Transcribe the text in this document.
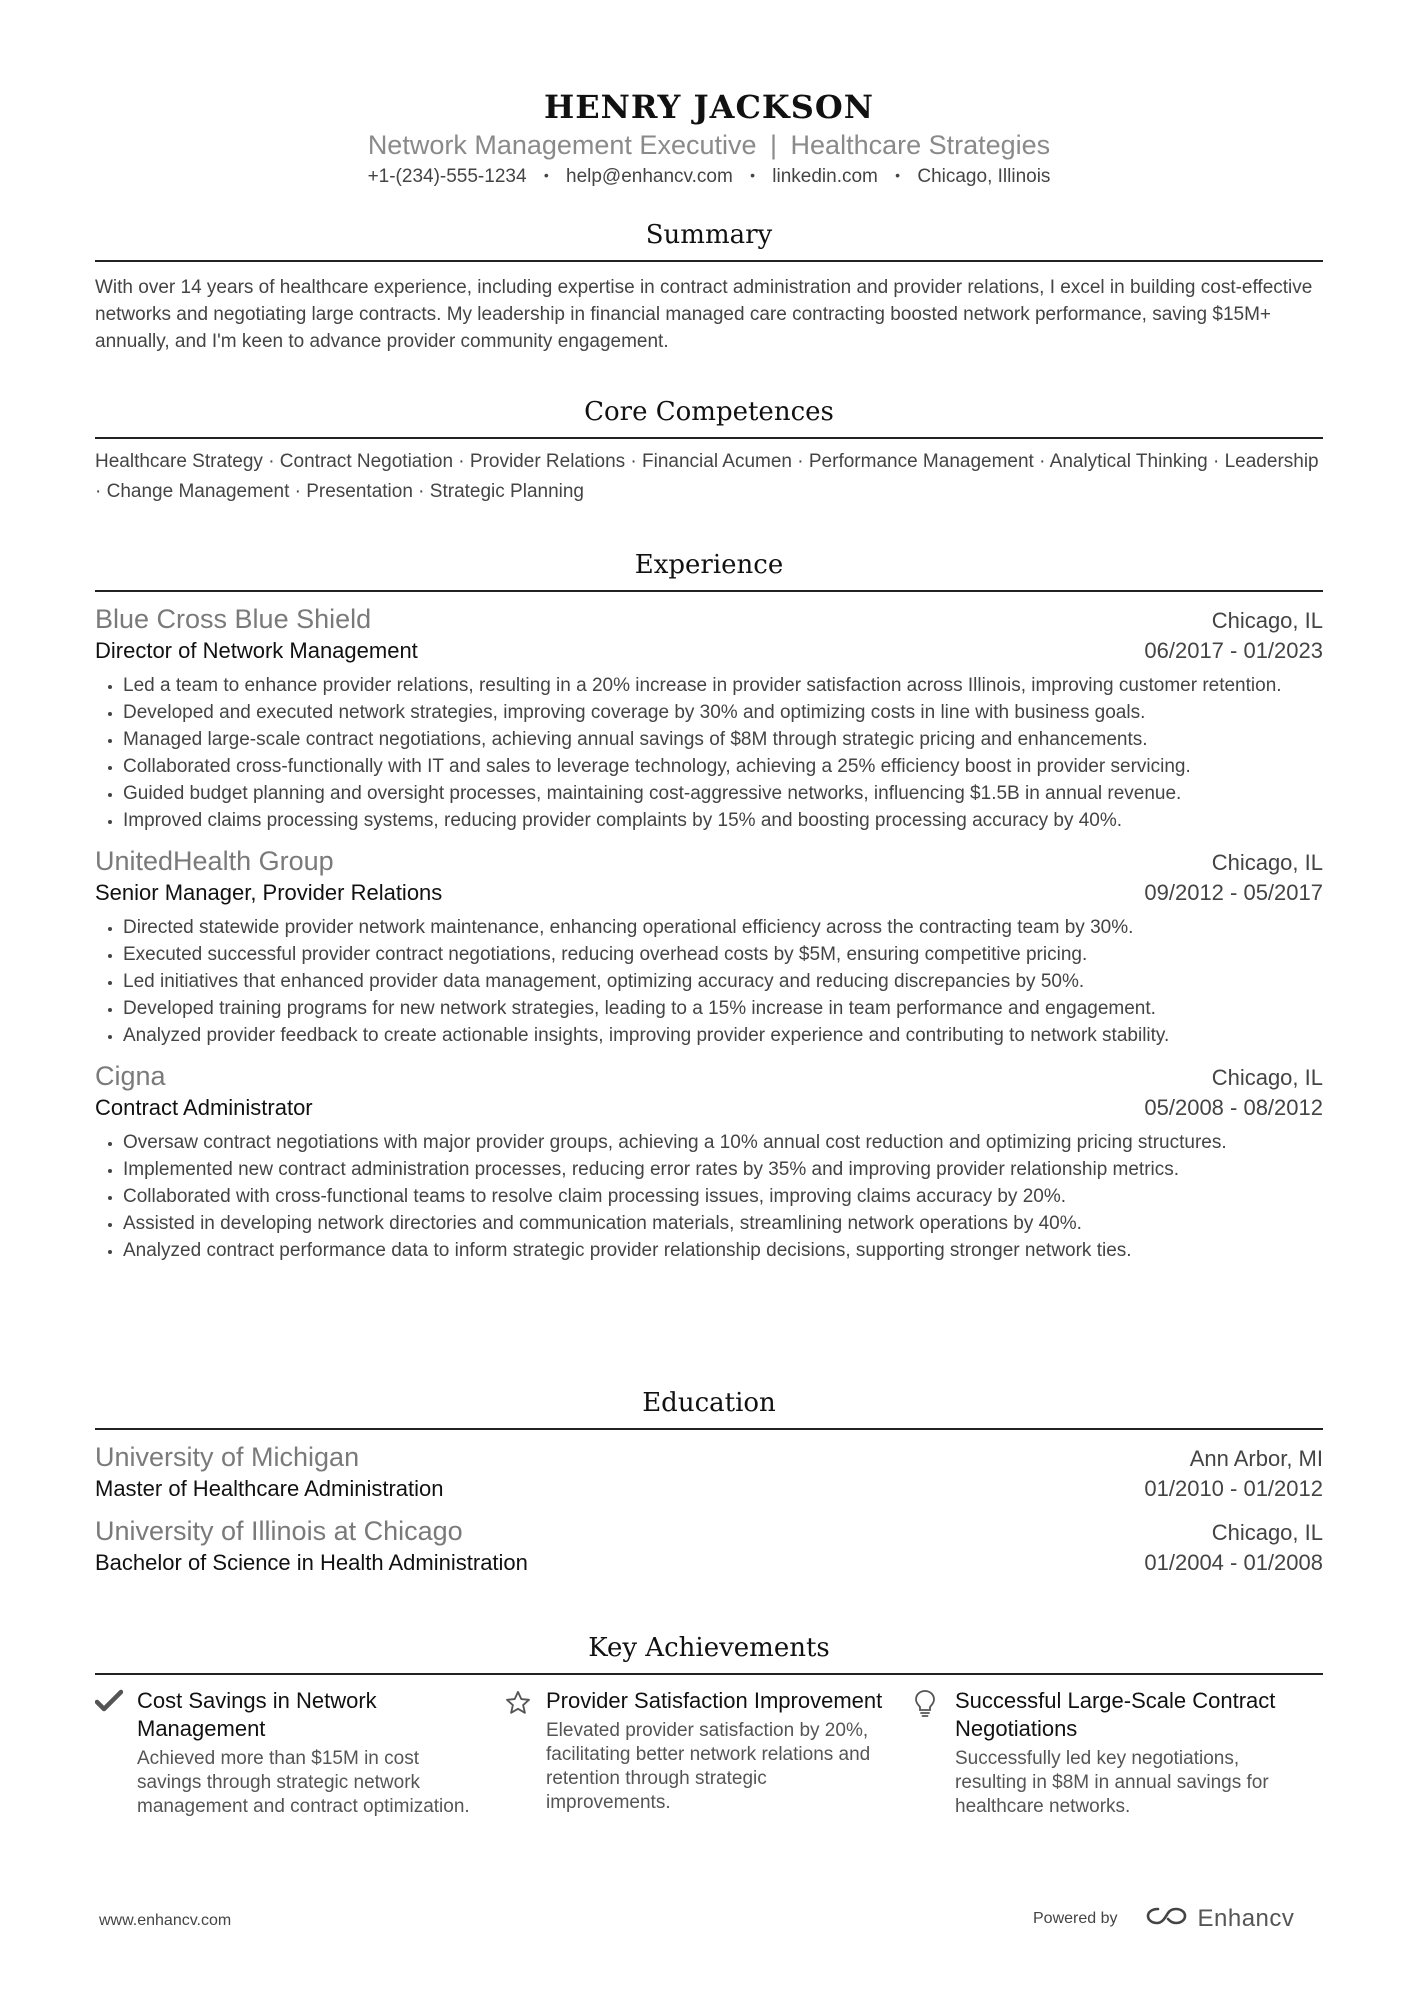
HENRY JACKSON
Network Management Executive | Healthcare Strategies
+1-(234)-555-1234 • help@enhancv.com • linkedin.com • Chicago, Illinois
Summary
With over 14 years of healthcare experience, including expertise in contract administration and provider relations, I excel in building cost-effective networks and negotiating large contracts. My leadership in financial managed care contracting boosted network performance, saving $15M+ annually, and I'm keen to advance provider community engagement.
Core Competences
Healthcare Strategy · Contract Negotiation · Provider Relations · Financial Acumen · Performance Management · Analytical Thinking · Leadership · Change Management · Presentation · Strategic Planning
Experience
Blue Cross Blue Shield	Chicago, IL
Director of Network Management	06/2017 - 01/2023
• Led a team to enhance provider relations, resulting in a 20% increase in provider satisfaction across Illinois, improving customer retention.
• Developed and executed network strategies, improving coverage by 30% and optimizing costs in line with business goals.
• Managed large-scale contract negotiations, achieving annual savings of $8M through strategic pricing and enhancements.
• Collaborated cross-functionally with IT and sales to leverage technology, achieving a 25% efficiency boost in provider servicing.
• Guided budget planning and oversight processes, maintaining cost-aggressive networks, influencing $1.5B in annual revenue.
• Improved claims processing systems, reducing provider complaints by 15% and boosting processing accuracy by 40%.
UnitedHealth Group	Chicago, IL
Senior Manager, Provider Relations	09/2012 - 05/2017
• Directed statewide provider network maintenance, enhancing operational efficiency across the contracting team by 30%.
• Executed successful provider contract negotiations, reducing overhead costs by $5M, ensuring competitive pricing.
• Led initiatives that enhanced provider data management, optimizing accuracy and reducing discrepancies by 50%.
• Developed training programs for new network strategies, leading to a 15% increase in team performance and engagement.
• Analyzed provider feedback to create actionable insights, improving provider experience and contributing to network stability.
Cigna	Chicago, IL
Contract Administrator	05/2008 - 08/2012
• Oversaw contract negotiations with major provider groups, achieving a 10% annual cost reduction and optimizing pricing structures.
• Implemented new contract administration processes, reducing error rates by 35% and improving provider relationship metrics.
• Collaborated with cross-functional teams to resolve claim processing issues, improving claims accuracy by 20%.
• Assisted in developing network directories and communication materials, streamlining network operations by 40%.
• Analyzed contract performance data to inform strategic provider relationship decisions, supporting stronger network ties.
Education
University of Michigan	Ann Arbor, MI
Master of Healthcare Administration	01/2010 - 01/2012
University of Illinois at Chicago	Chicago, IL
Bachelor of Science in Health Administration	01/2004 - 01/2008
Key Achievements
Cost Savings in Network Management
Achieved more than $15M in cost savings through strategic network management and contract optimization.
Provider Satisfaction Improvement
Elevated provider satisfaction by 20%, facilitating better network relations and retention through strategic improvements.
Successful Large-Scale Contract Negotiations
Successfully led key negotiations, resulting in $8M in annual savings for healthcare networks.
www.enhancv.com	Powered by	Enhancv
